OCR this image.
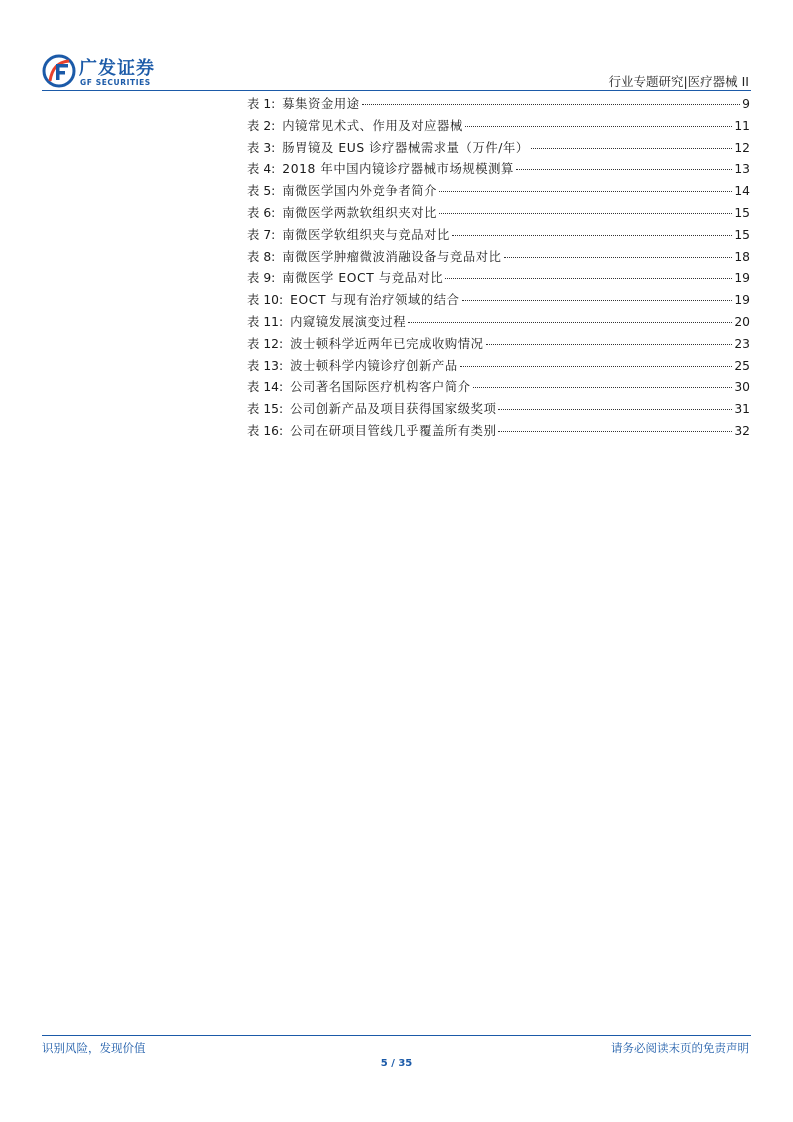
广发证券
GF SECURITIES	行业专题研究|医疗器械 II
表 1: 募集资金用途	9
表 2: 内镜常见术式、作用及对应器械	11
表 3: 肠胃镜及 EUS 诊疗器械需求量（万件/年）	12
表 4: 2018 年中国内镜诊疗器械市场规模测算	13
表 5: 南微医学国内外竞争者简介	14
表 6: 南微医学两款软组织夹对比	15
表 7: 南微医学软组织夹与竞品对比	15
表 8: 南微医学肿瘤微波消融设备与竞品对比	18
表 9: 南微医学 EOCT 与竞品对比	19
表 10: EOCT 与现有治疗领域的结合	19
表 11: 内窥镜发展演变过程	20
表 12: 波士顿科学近两年已完成收购情况	23
表 13: 波士顿科学内镜诊疗创新产品	25
表 14: 公司著名国际医疗机构客户简介	30
表 15: 公司创新产品及项目获得国家级奖项	31
表 16: 公司在研项目管线几乎覆盖所有类别	32
识别风险，发现价值	请务必阅读末页的免责声明
5 / 35
